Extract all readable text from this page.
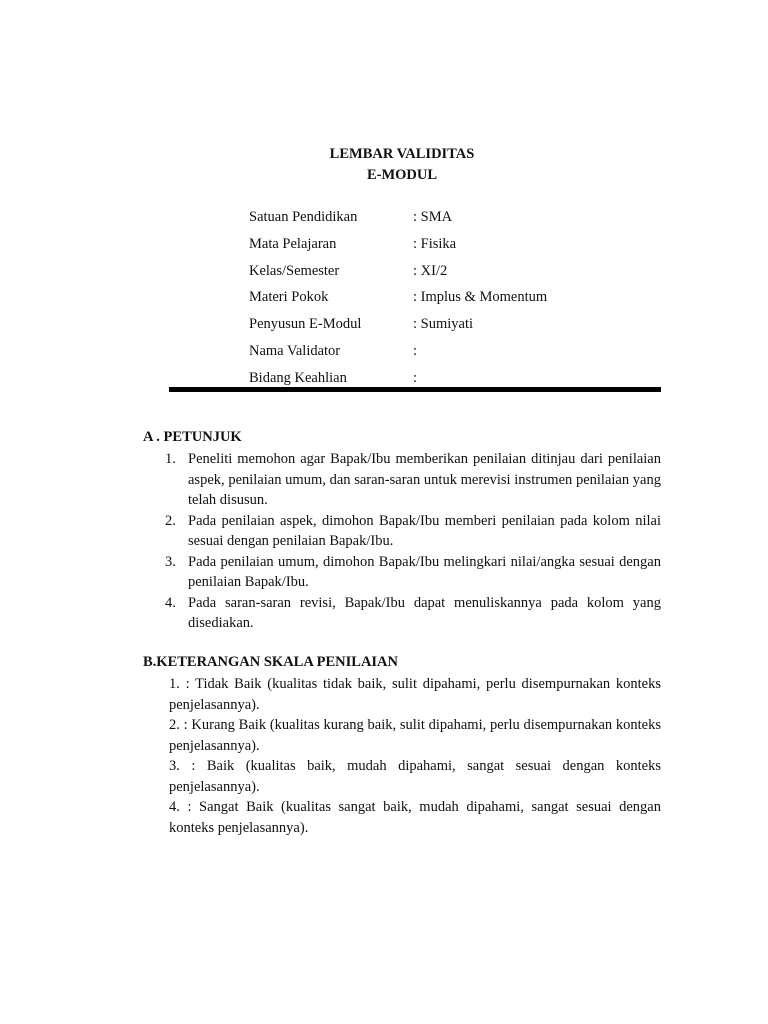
LEMBAR VALIDITAS
E-MODUL
Satuan Pendidikan	: SMA
Mata Pelajaran	: Fisika
Kelas/Semester	: XI/2
Materi Pokok	: Implus & Momentum
Penyusun E-Modul	: Sumiyati
Nama Validator	:
Bidang Keahlian	:
A . PETUNJUK
1. Peneliti memohon agar Bapak/Ibu memberikan penilaian ditinjau dari penilaian aspek, penilaian umum, dan saran-saran untuk merevisi instrumen penilaian yang telah disusun.
2. Pada penilaian aspek, dimohon Bapak/Ibu memberi penilaian pada kolom nilai sesuai dengan penilaian Bapak/Ibu.
3. Pada penilaian umum, dimohon Bapak/Ibu melingkari nilai/angka sesuai dengan penilaian Bapak/Ibu.
4. Pada saran-saran revisi, Bapak/Ibu dapat menuliskannya pada kolom yang disediakan.
B.KETERANGAN SKALA PENILAIAN
1. : Tidak Baik (kualitas tidak baik, sulit dipahami, perlu disempurnakan konteks penjelasannya).
2. : Kurang Baik (kualitas kurang baik, sulit dipahami, perlu disempurnakan konteks penjelasannya).
3. : Baik (kualitas baik, mudah dipahami, sangat sesuai dengan konteks penjelasannya).
4. : Sangat Baik (kualitas sangat baik, mudah dipahami, sangat sesuai dengan konteks penjelasannya).
